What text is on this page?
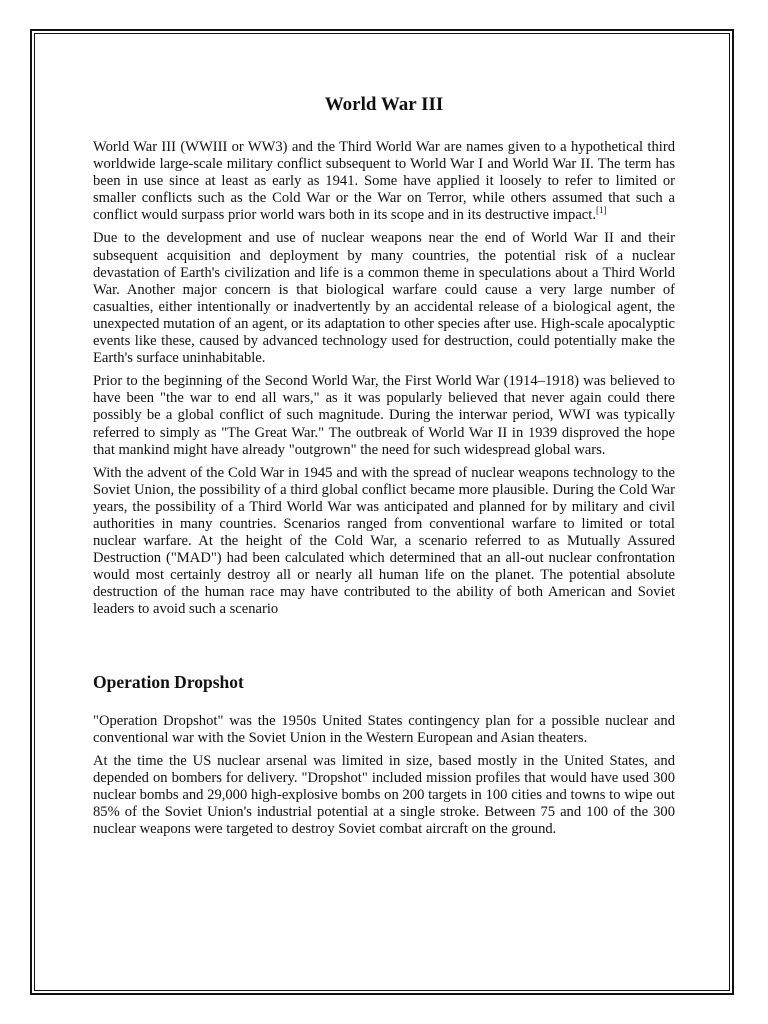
World War III

World War III (WWIII or WW3) and the Third World War are names given to a hypothetical third worldwide large-scale military conflict subsequent to World War I and World War II. The term has been in use since at least as early as 1941. Some have applied it loosely to refer to limited or smaller conflicts such as the Cold War or the War on Terror, while others assumed that such a conflict would surpass prior world wars both in its scope and in its destructive impact.[1]

Due to the development and use of nuclear weapons near the end of World War II and their subsequent acquisition and deployment by many countries, the potential risk of a nuclear devastation of Earth's civilization and life is a common theme in speculations about a Third World War. Another major concern is that biological warfare could cause a very large number of casualties, either intentionally or inadvertently by an accidental release of a biological agent, the unexpected mutation of an agent, or its adaptation to other species after use. High-scale apocalyptic events like these, caused by advanced technology used for destruction, could potentially make the Earth's surface uninhabitable.

Prior to the beginning of the Second World War, the First World War (1914–1918) was believed to have been "the war to end all wars," as it was popularly believed that never again could there possibly be a global conflict of such magnitude. During the interwar period, WWI was typically referred to simply as "The Great War." The outbreak of World War II in 1939 disproved the hope that mankind might have already "outgrown" the need for such widespread global wars.

With the advent of the Cold War in 1945 and with the spread of nuclear weapons technology to the Soviet Union, the possibility of a third global conflict became more plausible. During the Cold War years, the possibility of a Third World War was anticipated and planned for by military and civil authorities in many countries. Scenarios ranged from conventional warfare to limited or total nuclear warfare. At the height of the Cold War, a scenario referred to as Mutually Assured Destruction ("MAD") had been calculated which determined that an all-out nuclear confrontation would most certainly destroy all or nearly all human life on the planet. The potential absolute destruction of the human race may have contributed to the ability of both American and Soviet leaders to avoid such a scenario

Operation Dropshot

"Operation Dropshot" was the 1950s United States contingency plan for a possible nuclear and conventional war with the Soviet Union in the Western European and Asian theaters.

At the time the US nuclear arsenal was limited in size, based mostly in the United States, and depended on bombers for delivery. "Dropshot" included mission profiles that would have used 300 nuclear bombs and 29,000 high-explosive bombs on 200 targets in 100 cities and towns to wipe out 85% of the Soviet Union's industrial potential at a single stroke. Between 75 and 100 of the 300 nuclear weapons were targeted to destroy Soviet combat aircraft on the ground.
